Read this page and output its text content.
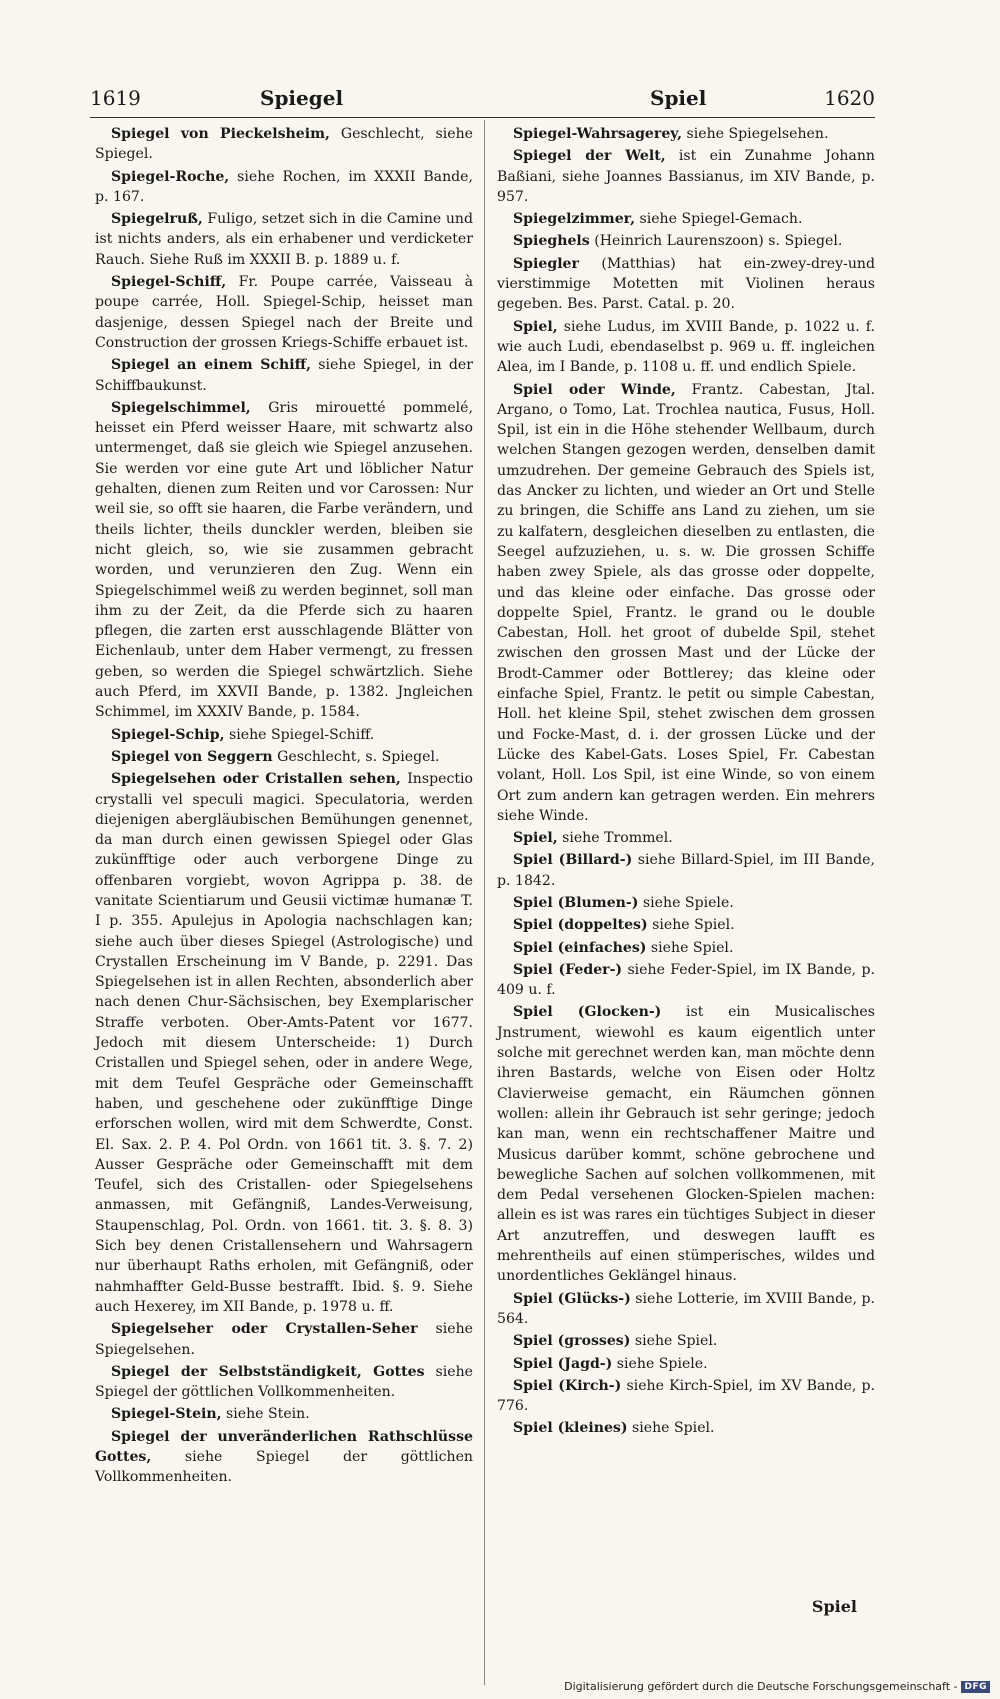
1619	Spiegel	Spiel	1620

Spiegel von Pieckelsheim, Geschlecht, siehe Spiegel.

Spiegel-Roche, siehe Rochen, im XXXII Bande, p. 167.

Spiegelruß, Fuligo, setzet sich in die Camine und ist nichts anders, als ein erhabener und verdicketer Rauch. Siehe Ruß im XXXII B. p. 1889 u. f.

Spiegel-Schiff, Fr. Poupe carrée, Vaisseau à poupe carrée, Holl. Spiegel-Schip, heisset man dasjenige, dessen Spiegel nach der Breite und Construction der grossen Kriegs-Schiffe erbauet ist.

Spiegel an einem Schiff, siehe Spiegel, in der Schiffbaukunst.

Spiegelschimmel, Gris mirouetté pommelé, heisset ein Pferd weisser Haare, mit schwartz also untermenget, daß sie gleich wie Spiegel anzusehen. Sie werden vor eine gute Art und löblicher Natur gehalten, dienen zum Reiten und vor Carossen: Nur weil sie, so offt sie haaren, die Farbe verändern, und theils lichter, theils dunckler werden, bleiben sie nicht gleich, so, wie sie zusammen gebracht worden, und verunzieren den Zug. Wenn ein Spiegelschimmel weiß zu werden beginnet, soll man ihm zu der Zeit, da die Pferde sich zu haaren pflegen, die zarten erst ausschlagende Blätter von Eichenlaub, unter dem Haber vermengt, zu fressen geben, so werden die Spiegel schwärtzlich. Siehe auch Pferd, im XXVII Bande, p. 1382. Jngleichen Schimmel, im XXXIV Bande, p. 1584.

Spiegel-Schip, siehe Spiegel-Schiff.

Spiegel von Seggern Geschlecht, s. Spiegel.

Spiegelsehen oder Cristallen sehen, Inspectio crystalli vel speculi magici. Speculatoria, werden diejenigen abergläubischen Bemühungen genennet, da man durch einen gewissen Spiegel oder Glas zukünfftige oder auch verborgene Dinge zu offenbaren vorgiebt, wovon Agrippa p. 38. de vanitate Scientiarum und Geusii victimæ humanæ T. I p. 355. Apulejus in Apologia nachschlagen kan; siehe auch über dieses Spiegel (Astrologische) und Crystallen Erscheinung im V Bande, p. 2291. Das Spiegelsehen ist in allen Rechten, absonderlich aber nach denen Chur-Sächsischen, bey Exemplarischer Straffe verboten. Ober-Amts-Patent vor 1677. Jedoch mit diesem Unterscheide: 1) Durch Cristallen und Spiegel sehen, oder in andere Wege, mit dem Teufel Gespräche oder Gemeinschafft haben, und geschehene oder zukünfftige Dinge erforschen wollen, wird mit dem Schwerdte, Const. El. Sax. 2. P. 4. Pol Ordn. von 1661 tit. 3. §. 7. 2) Ausser Gespräche oder Gemeinschafft mit dem Teufel, sich des Cristallen- oder Spiegelsehens anmassen, mit Gefängniß, Landes-Verweisung, Staupenschlag, Pol. Ordn. von 1661. tit. 3. §. 8. 3) Sich bey denen Cristallensehern und Wahrsagern nur überhaupt Raths erholen, mit Gefängniß, oder nahmhaffter Geld-Busse bestrafft. Ibid. §. 9. Siehe auch Hexerey, im XII Bande, p. 1978 u. ff.

Spiegelseher oder Crystallen-Seher siehe Spiegelsehen.

Spiegel der Selbstständigkeit, Gottes siehe Spiegel der göttlichen Vollkommenheiten.

Spiegel-Stein, siehe Stein.

Spiegel der unveränderlichen Rathschlüsse Gottes, siehe Spiegel der göttlichen Vollkommenheiten.

Spiegel-Wahrsagerey, siehe Spiegelsehen.

Spiegel der Welt, ist ein Zunahme Johann Baßiani, siehe Joannes Bassianus, im XIV Bande, p. 957.

Spiegelzimmer, siehe Spiegel-Gemach.

Spieghels (Heinrich Laurenszoon) s. Spiegel.

Spiegler (Matthias) hat ein-zwey-drey-und vierstimmige Motetten mit Violinen heraus gegeben. Bes. Parst. Catal. p. 20.

Spiel, siehe Ludus, im XVIII Bande, p. 1022 u. f. wie auch Ludi, ebendaselbst p. 969 u. ff. ingleichen Alea, im I Bande, p. 1108 u. ff. und endlich Spiele.

Spiel oder Winde, Frantz. Cabestan, Jtal. Argano, o Tomo, Lat. Trochlea nautica, Fusus, Holl. Spil, ist ein in die Höhe stehender Wellbaum, durch welchen Stangen gezogen werden, denselben damit umzudrehen. Der gemeine Gebrauch des Spiels ist, das Ancker zu lichten, und wieder an Ort und Stelle zu bringen, die Schiffe ans Land zu ziehen, um sie zu kalfatern, desgleichen dieselben zu entlasten, die Seegel aufzuziehen, u. s. w. Die grossen Schiffe haben zwey Spiele, als das grosse oder doppelte, und das kleine oder einfache. Das grosse oder doppelte Spiel, Frantz. le grand ou le double Cabestan, Holl. het groot of dubelde Spil, stehet zwischen den grossen Mast und der Lücke der Brodt-Cammer oder Bottlerey; das kleine oder einfache Spiel, Frantz. le petit ou simple Cabestan, Holl. het kleine Spil, stehet zwischen dem grossen und Focke-Mast, d. i. der grossen Lücke und der Lücke des Kabel-Gats. Loses Spiel, Fr. Cabestan volant, Holl. Los Spil, ist eine Winde, so von einem Ort zum andern kan getragen werden. Ein mehrers siehe Winde.

Spiel, siehe Trommel.

Spiel (Billard-) siehe Billard-Spiel, im III Bande, p. 1842.

Spiel (Blumen-) siehe Spiele.

Spiel (doppeltes) siehe Spiel.

Spiel (einfaches) siehe Spiel.

Spiel (Feder-) siehe Feder-Spiel, im IX Bande, p. 409 u. f.

Spiel (Glocken-) ist ein Musicalisches Jnstrument, wiewohl es kaum eigentlich unter solche mit gerechnet werden kan, man möchte denn ihren Bastards, welche von Eisen oder Holtz Clavierweise gemacht, ein Räumchen gönnen wollen: allein ihr Gebrauch ist sehr geringe; jedoch kan man, wenn ein rechtschaffener Maitre und Musicus darüber kommt, schöne gebrochene und bewegliche Sachen auf solchen vollkommenen, mit dem Pedal versehenen Glocken-Spielen machen: allein es ist was rares ein tüchtiges Subject in dieser Art anzutreffen, und deswegen laufft es mehrentheils auf einen stümperisches, wildes und unordentliches Geklängel hinaus.

Spiel (Glücks-) siehe Lotterie, im XVIII Bande, p. 564.

Spiel (grosses) siehe Spiel.

Spiel (Jagd-) siehe Spiele.

Spiel (Kirch-) siehe Kirch-Spiel, im XV Bande, p. 776.

Spiel (kleines) siehe Spiel.

Spiel
Digitalisierung gefördert durch die Deutsche Forschungsgemeinschaft - DFG
